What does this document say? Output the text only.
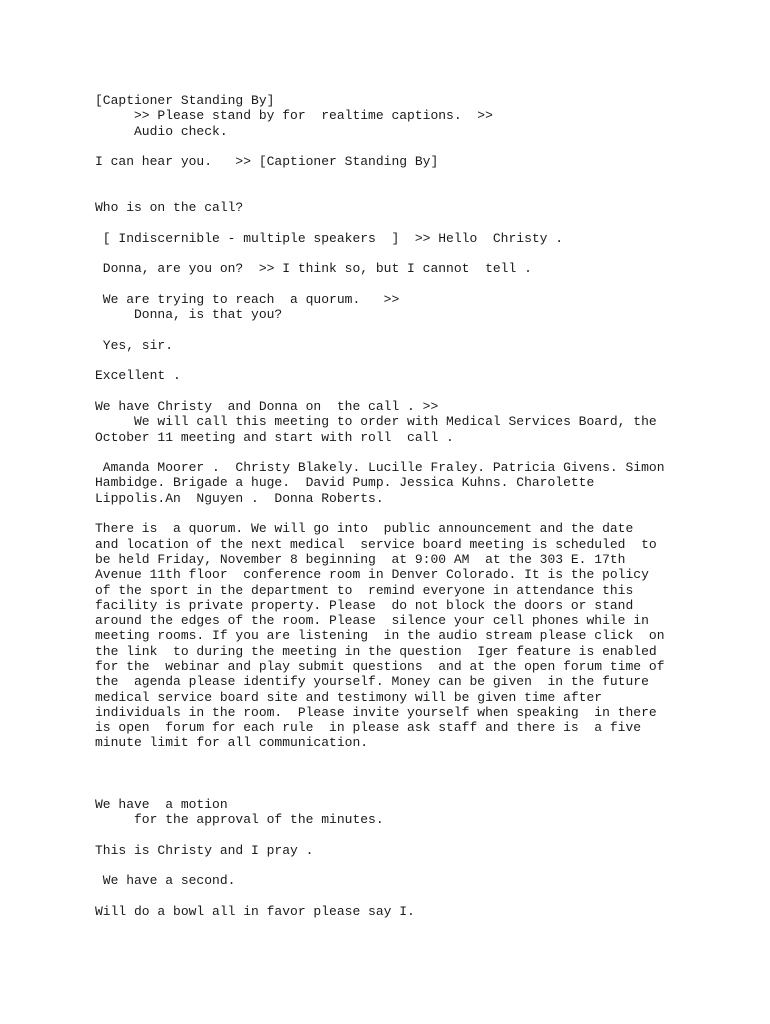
[Captioner Standing By]
>> Please stand by for  realtime captions.  >>
Audio check.
I can hear you.   >> [Captioner Standing By]
Who is on the call?
[ Indiscernible - multiple speakers  ]  >> Hello  Christy .
Donna, are you on?  >> I think so, but I cannot  tell .
We are trying to reach  a quorum.   >>
Donna, is that you?
Yes, sir.
Excellent .
We have Christy  and Donna on  the call . >>
We will call this meeting to order with Medical Services Board, the
October 11 meeting and start with roll  call .
Amanda Moorer .  Christy Blakely. Lucille Fraley. Patricia Givens. Simon
Hambidge. Brigade a huge.  David Pump. Jessica Kuhns. Charolette
Lippolis.An  Nguyen .  Donna Roberts.
There is  a quorum. We will go into  public announcement and the date
and location of the next medical  service board meeting is scheduled  to
be held Friday, November 8 beginning  at 9:00 AM  at the 303 E. 17th
Avenue 11th floor  conference room in Denver Colorado. It is the policy
of the sport in the department to  remind everyone in attendance this
facility is private property. Please  do not block the doors or stand
around the edges of the room. Please  silence your cell phones while in
meeting rooms. If you are listening  in the audio stream please click  on
the link  to during the meeting in the question  Iger feature is enabled
for the  webinar and play submit questions  and at the open forum time of
the  agenda please identify yourself. Money can be given  in the future
medical service board site and testimony will be given time after
individuals in the room.  Please invite yourself when speaking  in there
is open  forum for each rule  in please ask staff and there is  a five
minute limit for all communication.
We have  a motion
for the approval of the minutes.
This is Christy and I pray .
We have a second.
Will do a bowl all in favor please say I.
